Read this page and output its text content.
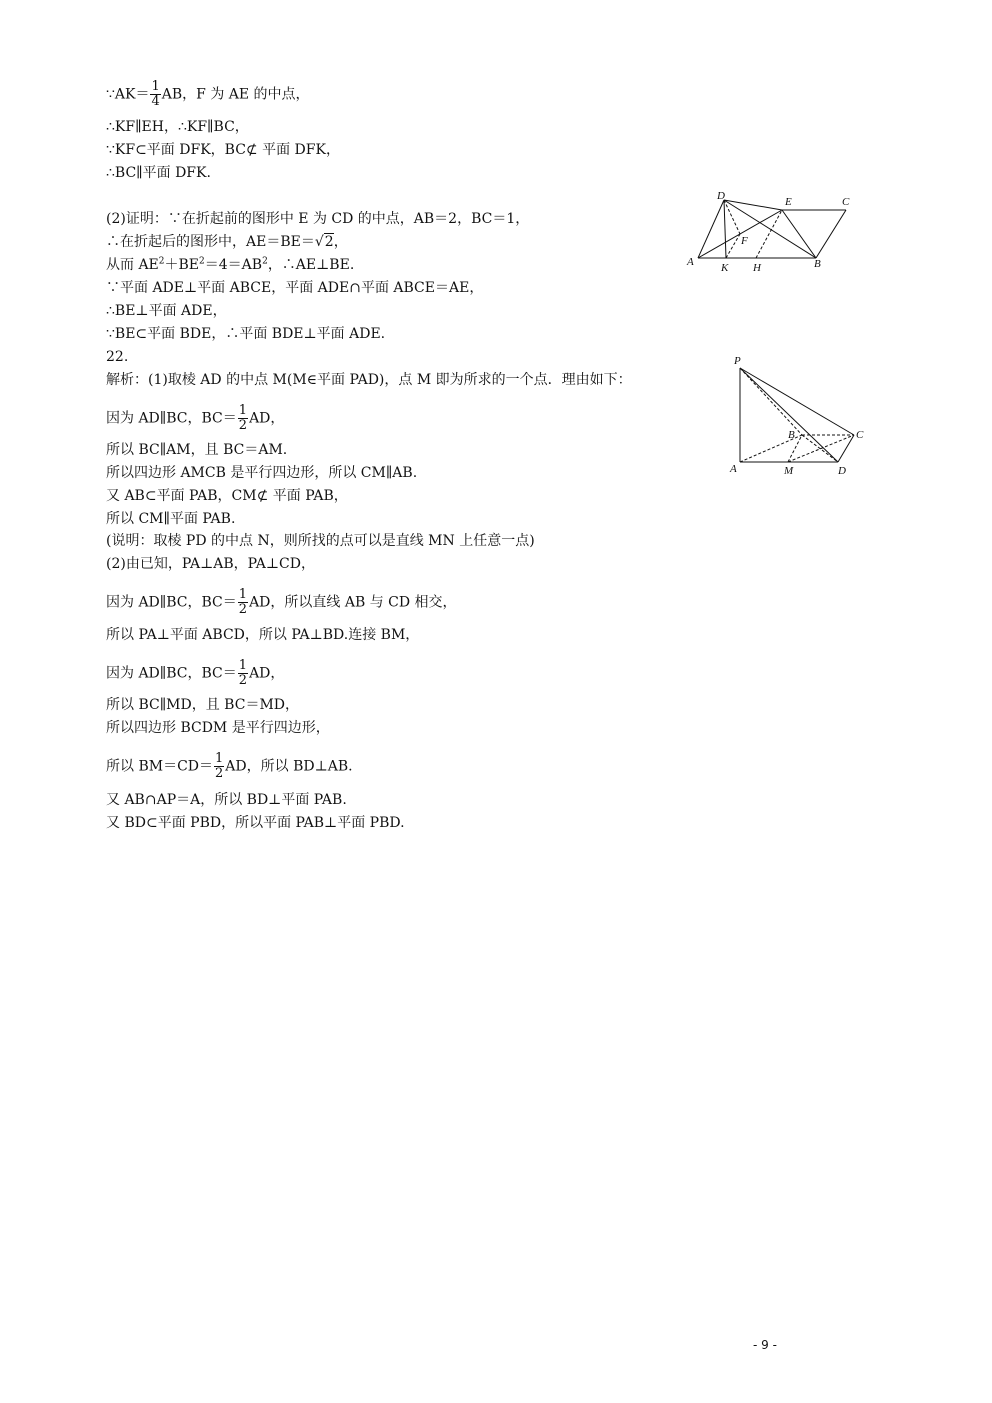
∵AK＝ $\frac{1}{4}$ AB，F 为 AE 的中点，
∴KF∥EH，∴KF∥BC，
∵KF⊂平面 DFK，BC⊄ 平面 DFK，
∴BC∥平面 DFK.
(2)证明：∵在折起前的图形中 E 为 CD 的中点，AB＝2，BC＝1，
∴在折起后的图形中，AE＝BE＝√2，
从而 $AE^2+BE^2=4=AB^2$，∴AE⊥BE.
∵平面 ADE⊥平面 ABCE，平面 ADE∩平面 ABCE＝AE，
∴BE⊥平面 ADE，
∵BE⊂平面 BDE，∴平面 BDE⊥平面 ADE.
22.
解析：(1)取棱 AD 的中点 M(M∈平面 PAD)，点 M 即为所求的一个点．理由如下：
因为 AD∥BC，$BC= \frac{1}{2}$ AD，
所以 BC∥AM，且 BC＝AM.
所以四边形 AMCB 是平行四边形，所以 CM∥AB.
又 AB⊂平面 PAB，CM⊄ 平面 PAB，
所以 CM∥平面 PAB.
(说明：取棱 PD 的中点 N，则所找的点可以是直线 MN 上任意一点)
(2)由已知，PA⊥AB，PA⊥CD，
因为 AD∥BC，$BC= \frac{1}{2}$ AD，所以直线 AB 与 CD 相交，
所以 PA⊥平面 ABCD，所以 PA⊥BD.连接 BM，
因为 AD∥BC，$BC= \frac{1}{2}$ AD，
所以 BC∥MD，且 BC＝MD，
所以四边形 BCDM 是平行四边形，
所以 $BM=CD= \frac{1}{2}$ AD，所以 BD⊥AB.
又 AB∩AP＝A，所以 BD⊥平面 PAB.
又 BD⊂平面 PBD，所以平面 PAB⊥平面 PBD.
D	E	C
F
A K H	B
P
B	C
A	M	D
- 9 -
